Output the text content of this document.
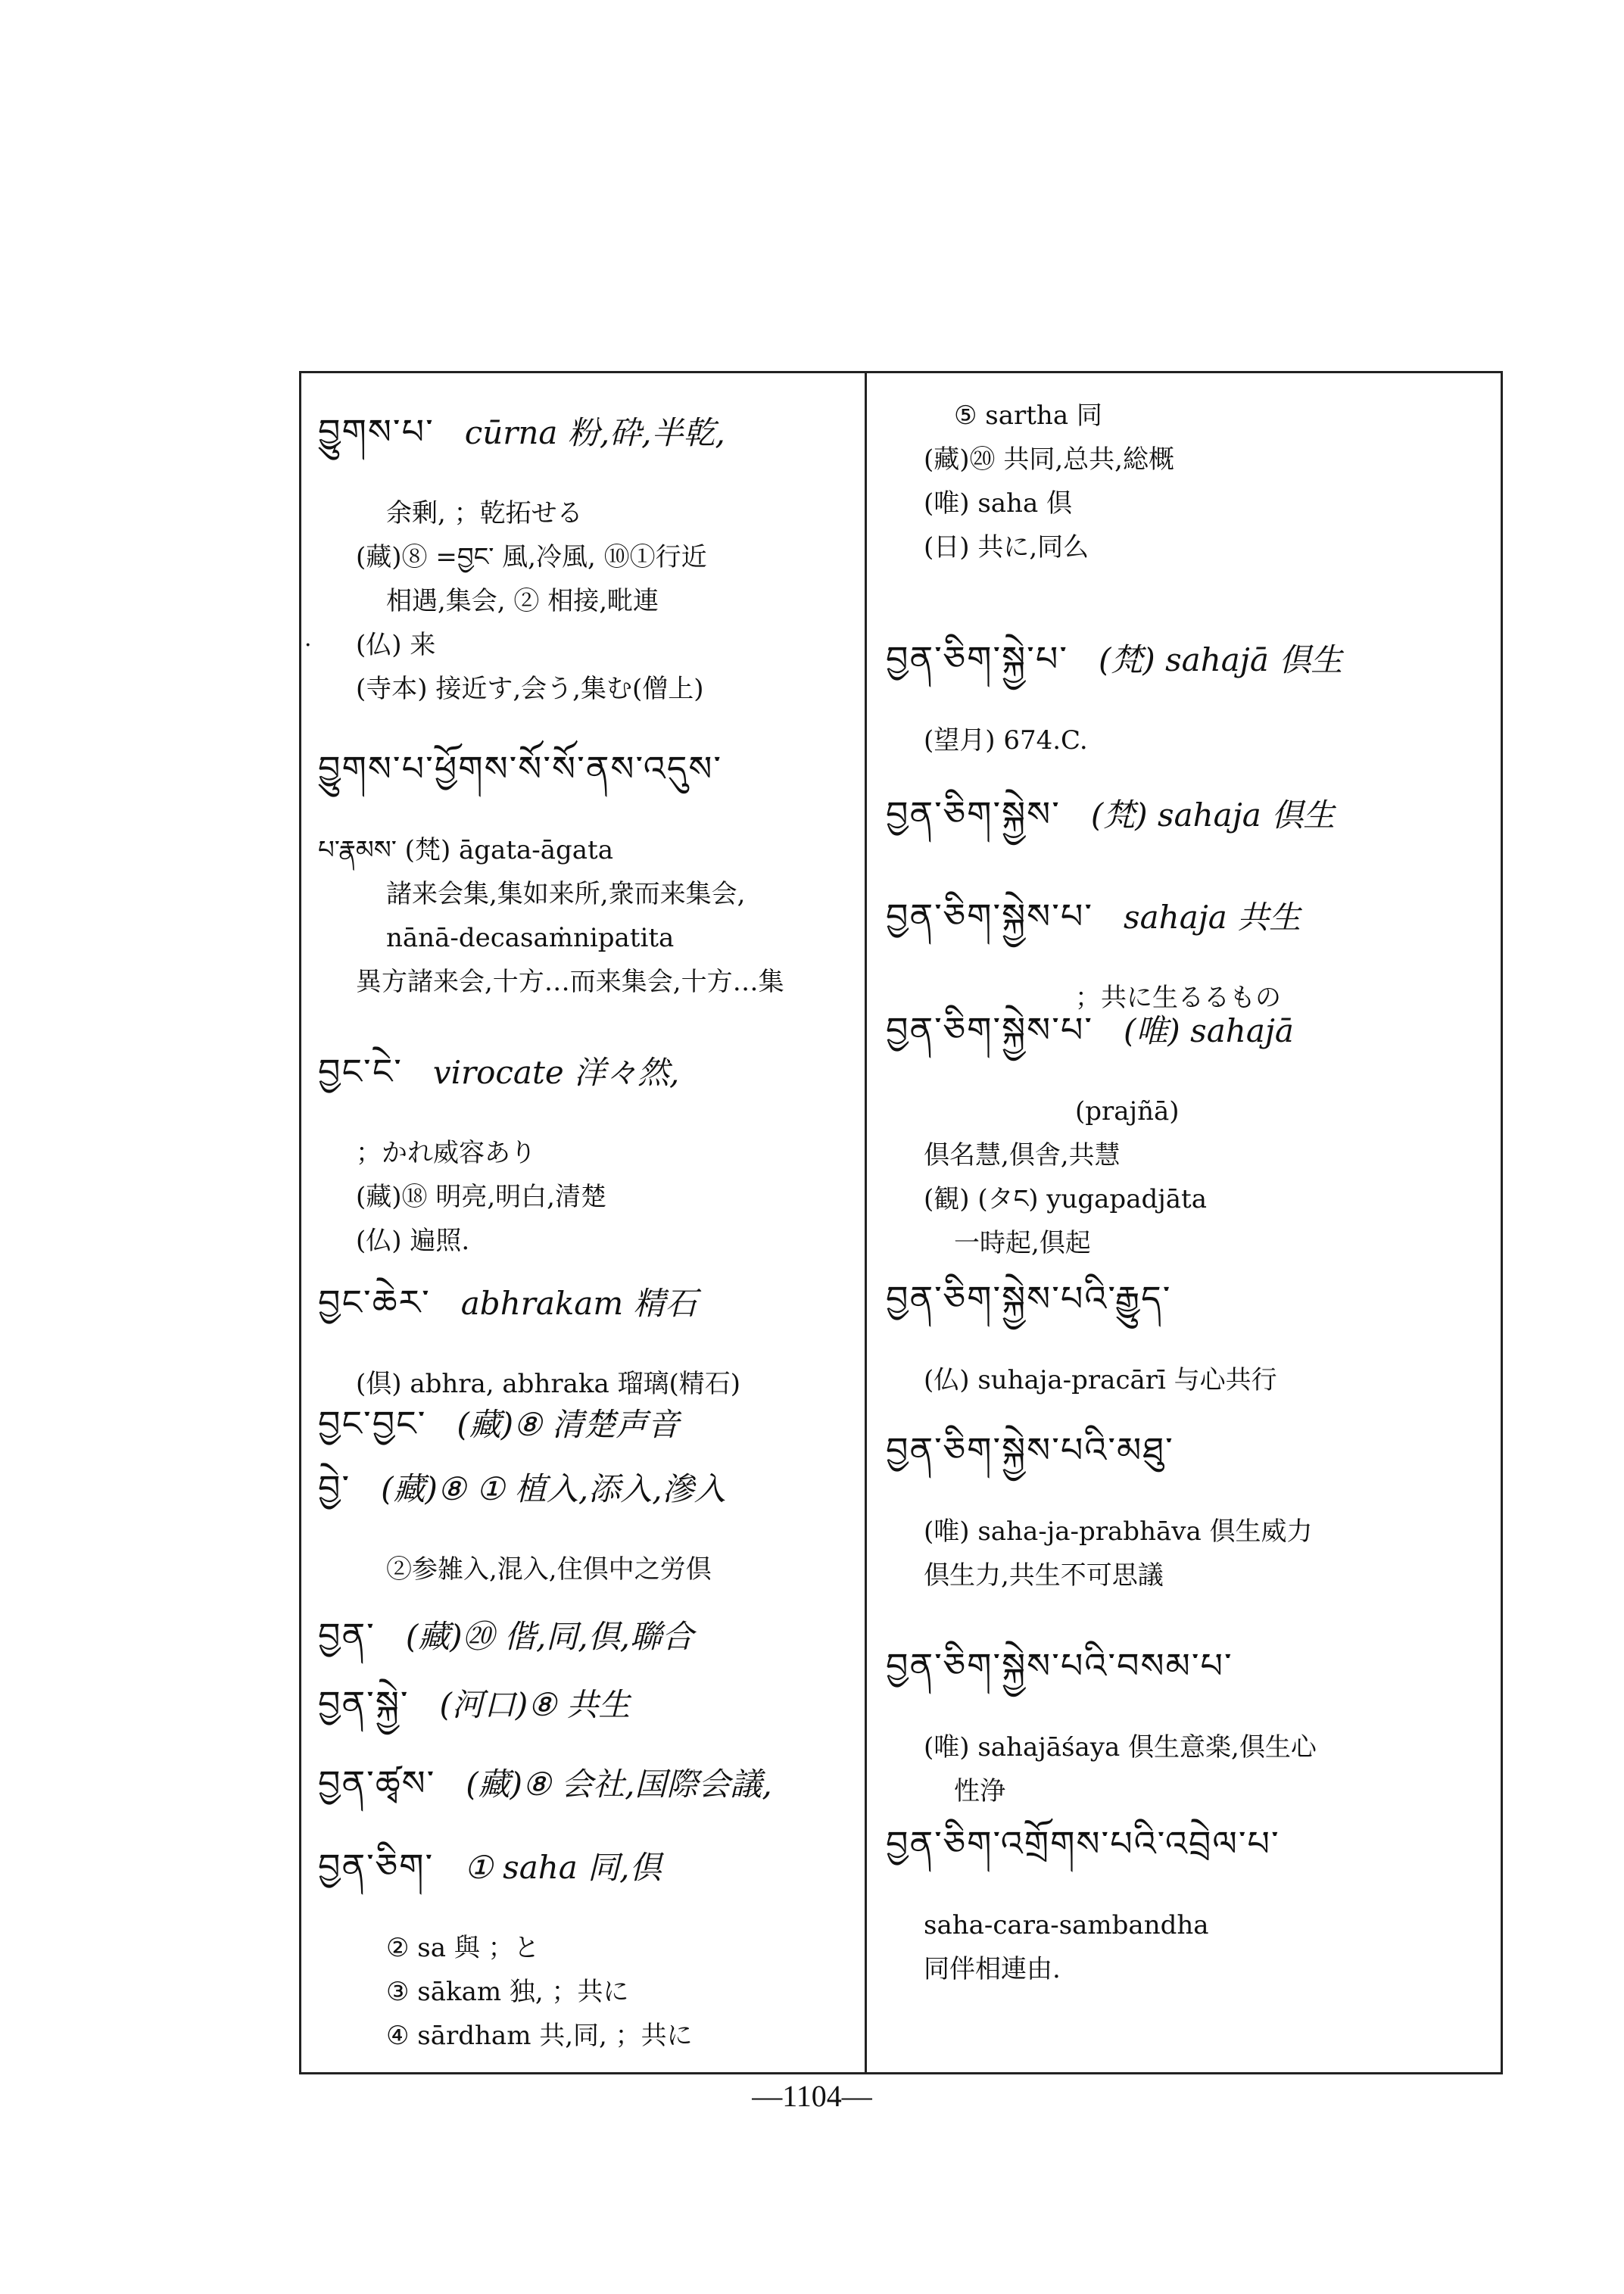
·
བྱུགས་པ་ cūrna 粉,砕,半乾,
余剰, ；乾拓せる
(藏)⑧ =བྱང་ 風,冷風, ⑩①行近
相遇,集会, ② 相接,毗連
(仏) 来
(寺本) 接近す,会う,集む(僧上)
བྱུགས་པ་ཕྱོགས་སོ་སོ་ནས་འདུས་
པ་རྣམས་ (梵) āgata-āgata
諸来会集,集如来所,衆而来集会,
nānā-decasaṁnipatita
異方諸来会,十方…而来集会,十方…集
བྱང་ངེ་ virocate 洋々然,
；かれ威容あり
(藏)⑱ 明亮,明白,清楚
(仏) 遍照.
བྱང་ཆེར་ abhrakam 精石
(倶) abhra, abhraka 瑠璃(精石)
བྱང་བྱང་ (藏)⑧ 清楚声音
བྱེ་ (藏)⑧ ① 植入,添入,滲入
②参雑入,混入,住倶中之労倶
བྱན་ (藏)⑳ 偕,同,倶,聯合
བྱན་སྐྱེ་ (河口)⑧ 共生
བྱན་ཚྭས་ (藏)⑧ 会社,国際会議,
བྱན་ཅིག་ ① saha 同,倶
② sa 與 ；と
③ sākam 独, ；共に
④ sārdham 共,同, ；共に
⑤ sartha 同
(藏)⑳ 共同,总共,総概
(唯) saha 倶
(日) 共に,同么
བྱན་ཅིག་སྐྱེ་པ་ (梵) sahajā 倶生
(望月) 674.C.
བྱན་ཅིག་སྐྱེས་ (梵) sahaja 倶生
བྱན་ཅིག་སྐྱེས་པ་ sahaja 共生
；共に生るるもの
བྱན་ཅིག་སྐྱེས་པ་ (唯) sahajā
(prajñā)
倶名慧,倶舎,共慧
(観) (タང) yugapadjāta
一時起,倶起
བྱན་ཅིག་སྐྱེས་པའི་རྒྱུད་
(仏) suhaja-pracārī 与心共行
བྱན་ཅིག་སྐྱེས་པའི་མཐུ་
(唯) saha-ja-prabhāva 倶生威力
倶生力,共生不可思議
བྱན་ཅིག་སྐྱེས་པའི་བསམ་པ་
(唯) sahajāśaya 倶生意楽,倶生心
性浄
བྱན་ཅིག་འགྲོགས་པའི་འབྲེལ་པ་
saha-cara-sambandha
同伴相連由.
—1104—
